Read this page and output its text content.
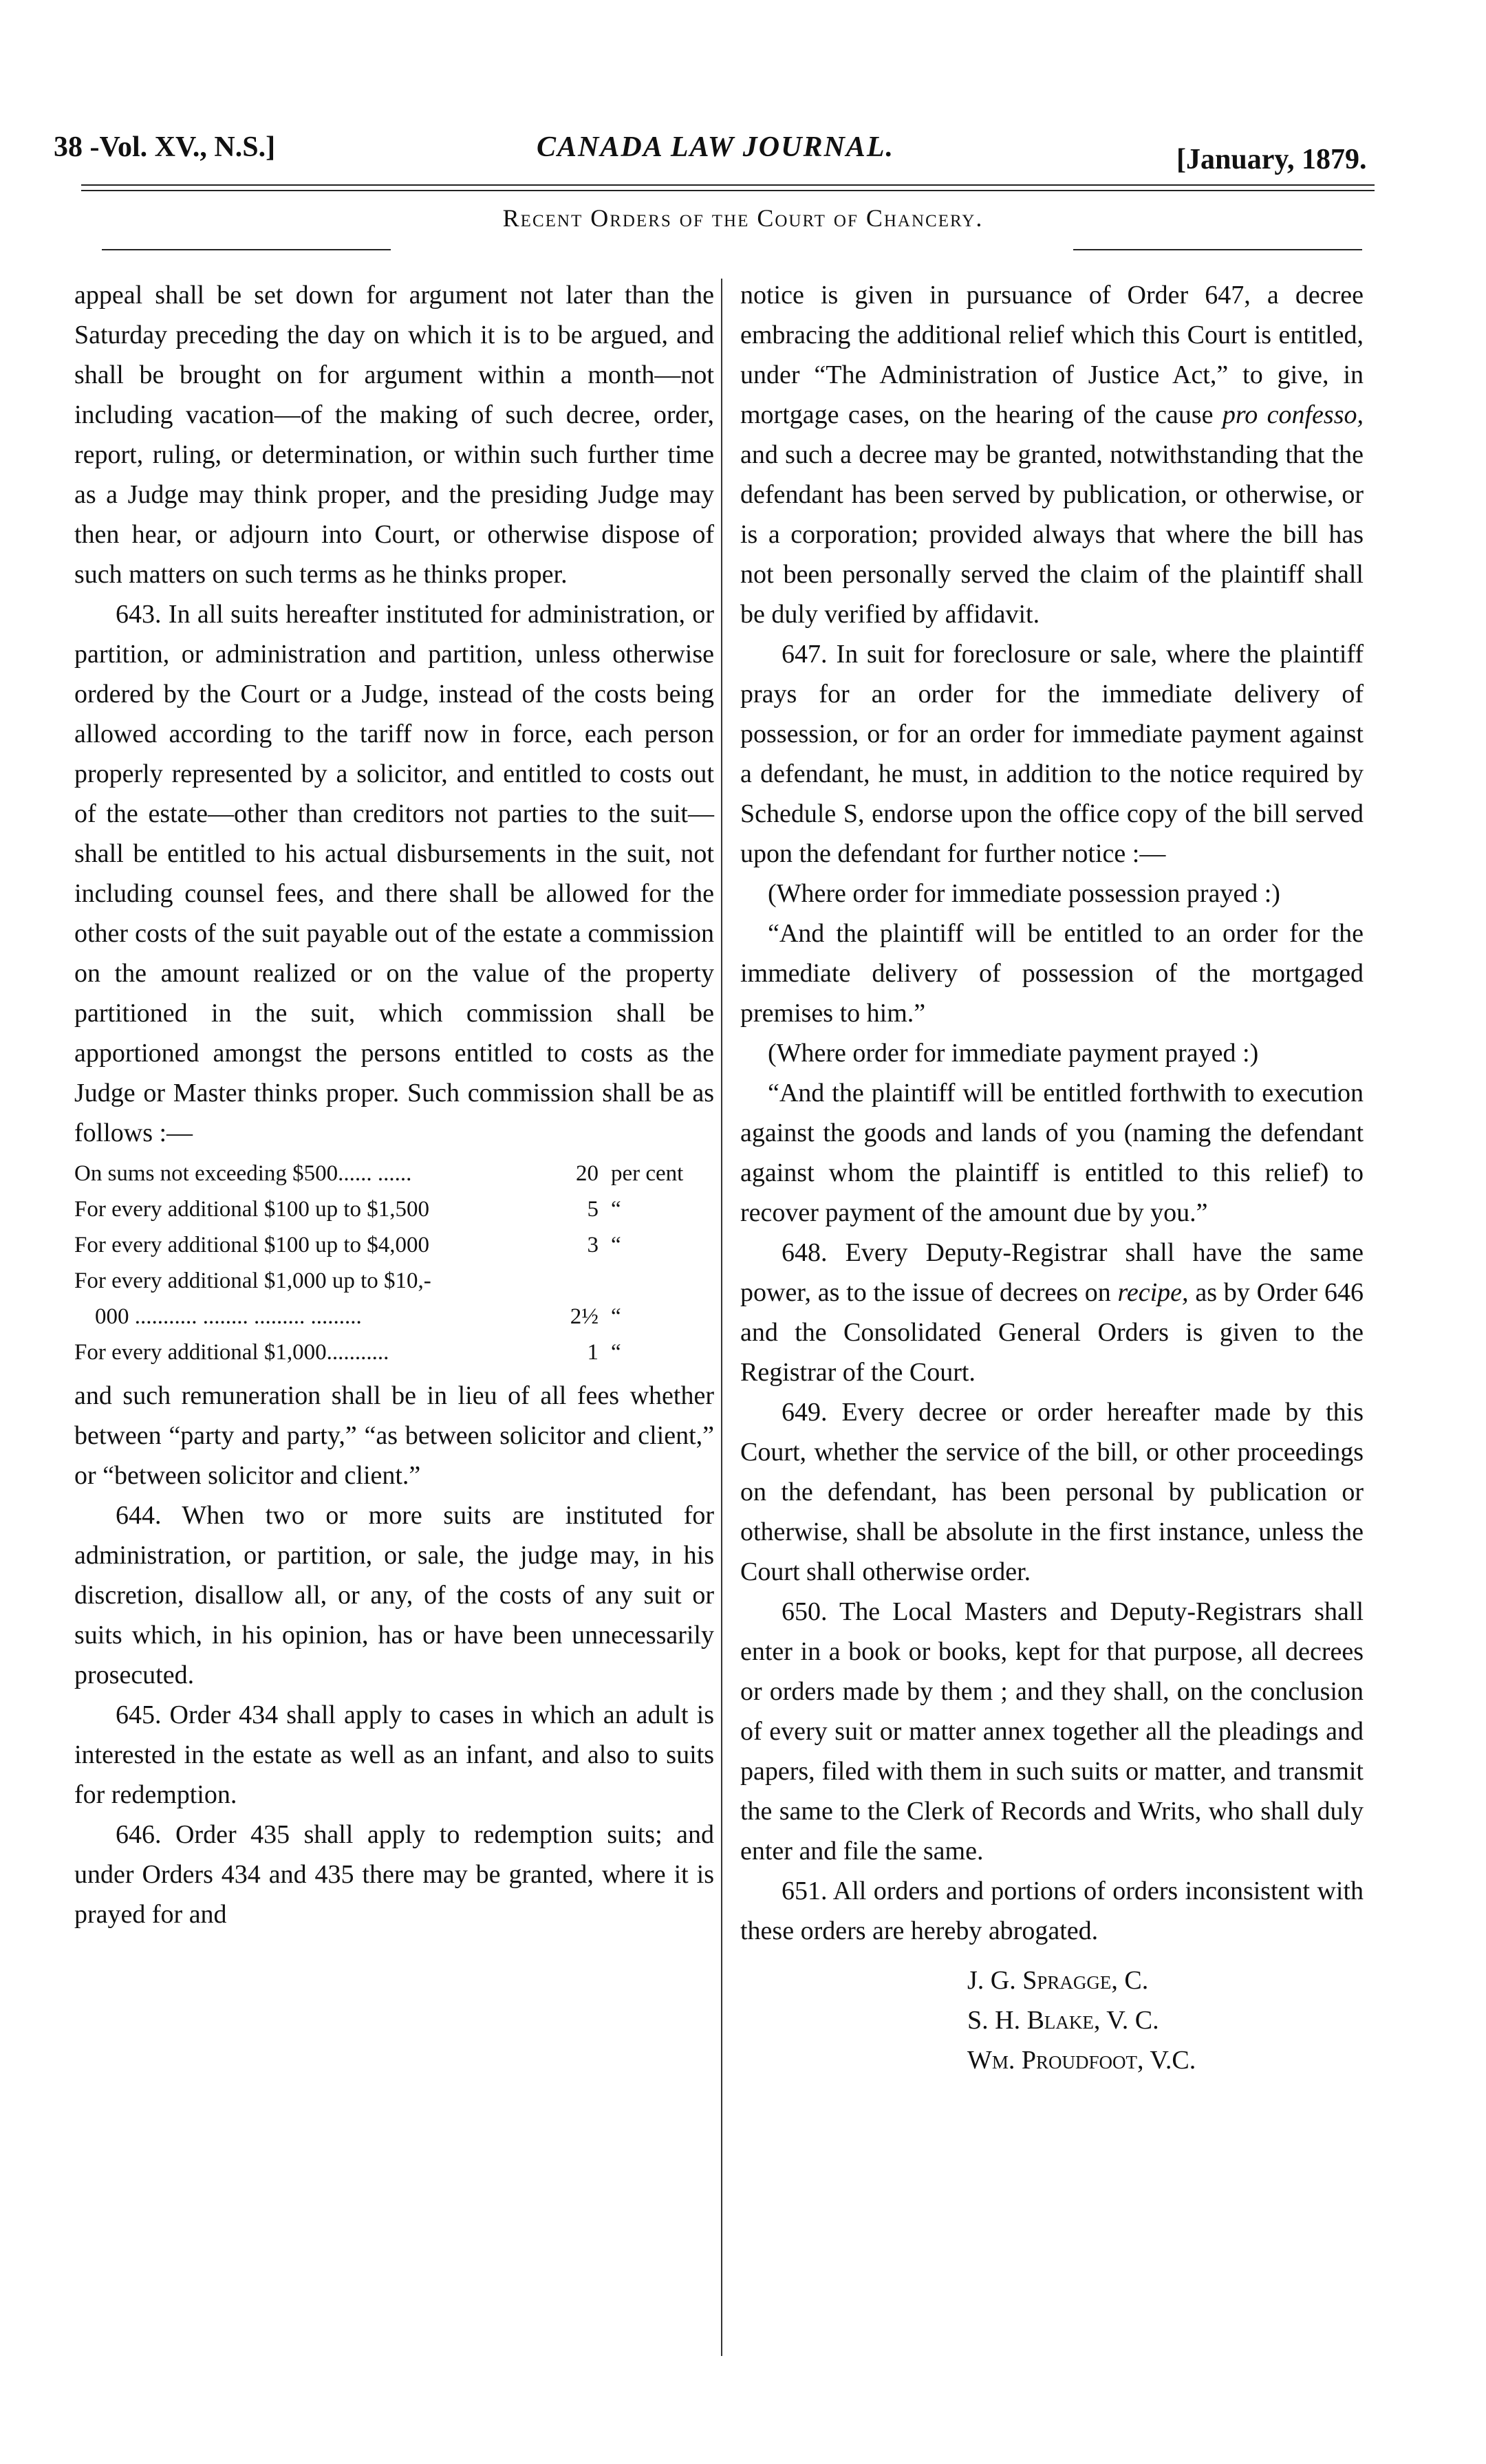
38 -Vol. XV., N.S.]	CANADA LAW JOURNAL.	[January, 1879.
Recent Orders of the Court of Chancery.

appeal shall be set down for argument not later than the Saturday preceding the day on which it is to be argued, and shall be brought on for argument within a month—not including vacation—of the making of such decree, order, report, ruling, or determination, or within such further time as a Judge may think proper, and the presiding Judge may then hear, or adjourn into Court, or otherwise dispose of such matters on such terms as he thinks proper.

643. In all suits hereafter instituted for administration, or partition, or administration and partition, unless otherwise ordered by the Court or a Judge, instead of the costs being allowed according to the tariff now in force, each person properly represented by a solicitor, and entitled to costs out of the estate—other than creditors not parties to the suit—shall be entitled to his actual disbursements in the suit, not including counsel fees, and there shall be allowed for the other costs of the suit payable out of the estate a commission on the amount realized or on the value of the property partitioned in the suit, which commission shall be apportioned amongst the persons entitled to costs as the Judge or Master thinks proper. Such commission shall be as follows :—

On sums not exceeding $500...... ......	20 per cent
For every additional $100 up to $1,500	5 “
For every additional $100 up to $4,000	3 “
For every additional $1,000 up to $10,-
000 ........... ........ ......... .........	2½ “
For every additional $1,000...........	1 “

and such remuneration shall be in lieu of all fees whether between “party and party,” “as between solicitor and client,” or “between solicitor and client.”

644. When two or more suits are instituted for administration, or partition, or sale, the judge may, in his discretion, disallow all, or any, of the costs of any suit or suits which, in his opinion, has or have been unnecessarily prosecuted.

645. Order 434 shall apply to cases in which an adult is interested in the estate as well as an infant, and also to suits for redemption.

646. Order 435 shall apply to redemption suits; and under Orders 434 and 435 there may be granted, where it is prayed for and

notice is given in pursuance of Order 647, a decree embracing the additional relief which this Court is entitled, under “The Administration of Justice Act,” to give, in mortgage cases, on the hearing of the cause pro confesso, and such a decree may be granted, notwithstanding that the defendant has been served by publication, or otherwise, or is a corporation; provided always that where the bill has not been personally served the claim of the plaintiff shall be duly verified by affidavit.

647. In suit for foreclosure or sale, where the plaintiff prays for an order for the immediate delivery of possession, or for an order for immediate payment against a defendant, he must, in addition to the notice required by Schedule S, endorse upon the office copy of the bill served upon the defendant for further notice :—

(Where order for immediate possession prayed :)

“And the plaintiff will be entitled to an order for the immediate delivery of possession of the mortgaged premises to him.”

(Where order for immediate payment prayed :)

“And the plaintiff will be entitled forthwith to execution against the goods and lands of you (naming the defendant against whom the plaintiff is entitled to this relief) to recover payment of the amount due by you.”

648. Every Deputy-Registrar shall have the same power, as to the issue of decrees on recipe, as by Order 646 and the Consolidated General Orders is given to the Registrar of the Court.

649. Every decree or order hereafter made by this Court, whether the service of the bill, or other proceedings on the defendant, has been personal by publication or otherwise, shall be absolute in the first instance, unless the Court shall otherwise order.

650. The Local Masters and Deputy-Registrars shall enter in a book or books, kept for that purpose, all decrees or orders made by them ; and they shall, on the conclusion of every suit or matter annex together all the pleadings and papers, filed with them in such suits or matter, and transmit the same to the Clerk of Records and Writs, who shall duly enter and file the same.

651. All orders and portions of orders inconsistent with these orders are hereby abrogated.

J. G. Spragge, C.
S. H. Blake, V. C.
Wm. Proudfoot, V.C.
